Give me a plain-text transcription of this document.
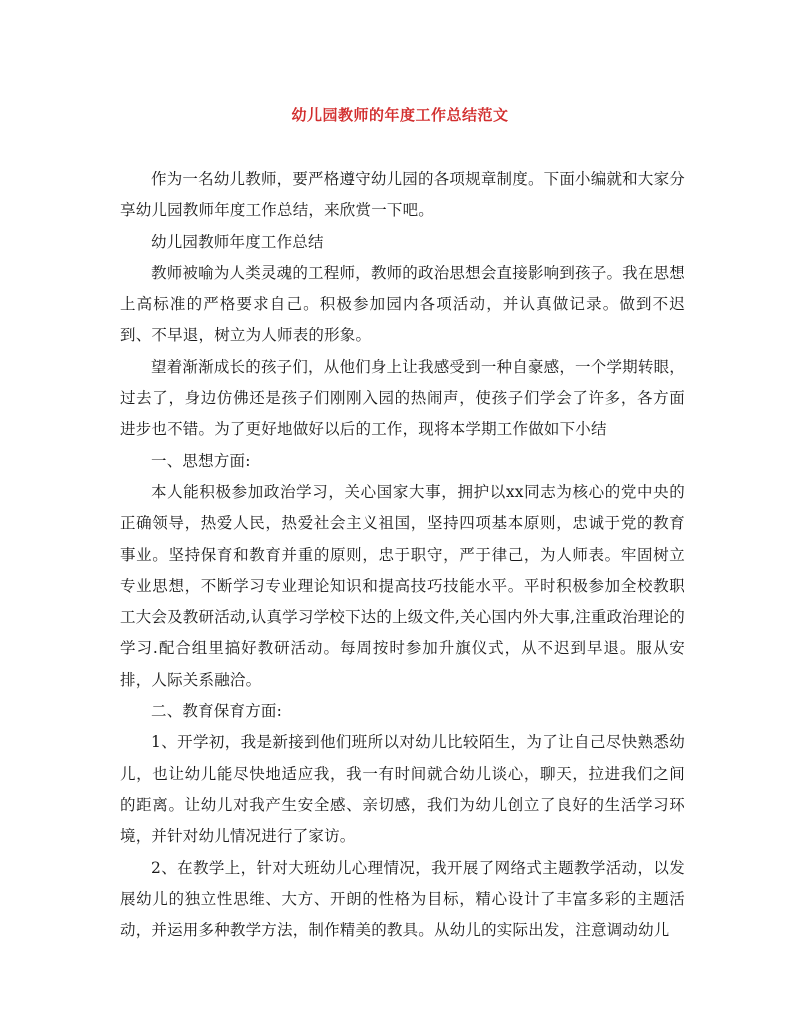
幼儿园教师的年度工作总结范文

作为一名幼儿教师，要严格遵守幼儿园的各项规章制度。下面小编就和大家分享幼儿园教师年度工作总结，来欣赏一下吧。

幼儿园教师年度工作总结

教师被喻为人类灵魂的工程师，教师的政治思想会直接影响到孩子。我在思想上高标准的严格要求自己。积极参加园内各项活动，并认真做记录。做到不迟到、不早退，树立为人师表的形象。

望着渐渐成长的孩子们，从他们身上让我感受到一种自豪感，一个学期转眼，过去了，身边仿佛还是孩子们刚刚入园的热闹声，使孩子们学会了许多，各方面进步也不错。为了更好地做好以后的工作，现将本学期工作做如下小结

一、思想方面:

本人能积极参加政治学习，关心国家大事，拥护以xx同志为核心的党中央的正确领导，热爱人民，热爱社会主义祖国，坚持四项基本原则，忠诚于党的教育事业。坚持保育和教育并重的原则，忠于职守，严于律己，为人师表。牢固树立专业思想，不断学习专业理论知识和提高技巧技能水平。平时积极参加全校教职工大会及教研活动,认真学习学校下达的上级文件,关心国内外大事,注重政治理论的学习.配合组里搞好教研活动。每周按时参加升旗仪式，从不迟到早退。服从安排，人际关系融洽。

二、教育保育方面:

1、开学初，我是新接到他们班所以对幼儿比较陌生，为了让自己尽快熟悉幼儿，也让幼儿能尽快地适应我，我一有时间就合幼儿谈心，聊天，拉进我们之间的距离。让幼儿对我产生安全感、亲切感，我们为幼儿创立了良好的生活学习环境，并针对幼儿情况进行了家访。

2、在教学上，针对大班幼儿心理情况，我开展了网络式主题教学活动，以发展幼儿的独立性思维、大方、开朗的性格为目标，精心设计了丰富多彩的主题活动，并运用多种教学方法，制作精美的教具。从幼儿的实际出发，注意调动幼儿
